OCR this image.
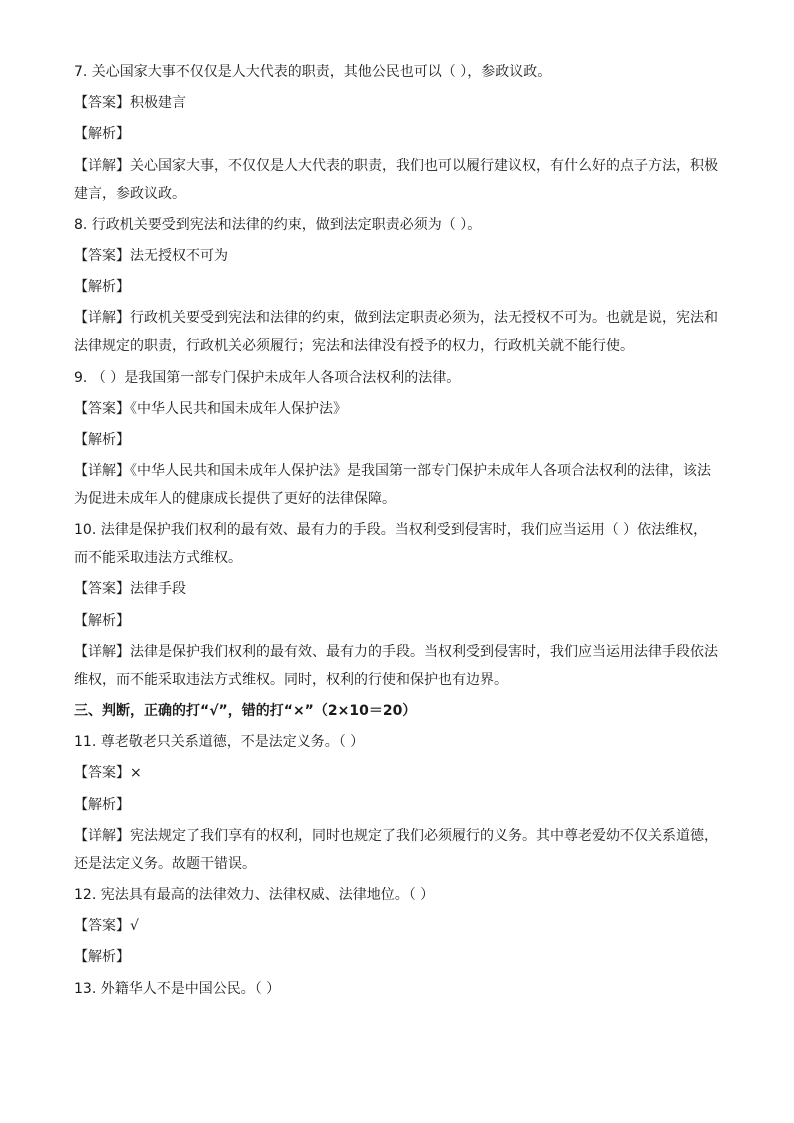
7. 关心国家大事不仅仅是人大代表的职责，其他公民也可以（ ），参政议政。
【答案】积极建言
【解析】
【详解】关心国家大事，不仅仅是人大代表的职责，我们也可以履行建议权，有什么好的点子方法，积极
建言，参政议政。
8. 行政机关要受到宪法和法律的约束，做到法定职责必须为（ ）。
【答案】法无授权不可为
【解析】
【详解】行政机关要受到宪法和法律的约束，做到法定职责必须为，法无授权不可为。也就是说，宪法和
法律规定的职责，行政机关必须履行；宪法和法律没有授予的权力，行政机关就不能行使。
9. （ ）是我国第一部专门保护未成年人各项合法权利的法律。
【答案】《中华人民共和国未成年人保护法》
【解析】
【详解】《中华人民共和国未成年人保护法》是我国第一部专门保护未成年人各项合法权利的法律，该法
为促进未成年人的健康成长提供了更好的法律保障。
10. 法律是保护我们权利的最有效、最有力的手段。当权利受到侵害时，我们应当运用（ ）依法维权，
而不能采取违法方式维权。
【答案】法律手段
【解析】
【详解】法律是保护我们权利的最有效、最有力的手段。当权利受到侵害时，我们应当运用法律手段依法
维权，而不能采取违法方式维权。同时，权利的行使和保护也有边界。
三、判断，正确的打“√”，错的打“×”（2×10＝20）
11. 尊老敬老只关系道德，不是法定义务。（ ）
【答案】×
【解析】
【详解】宪法规定了我们享有的权利，同时也规定了我们必须履行的义务。其中尊老爱幼不仅关系道德，
还是法定义务。故题干错误。
12. 宪法具有最高的法律效力、法律权威、法律地位。（ ）
【答案】√
【解析】
13. 外籍华人不是中国公民。（ ）
